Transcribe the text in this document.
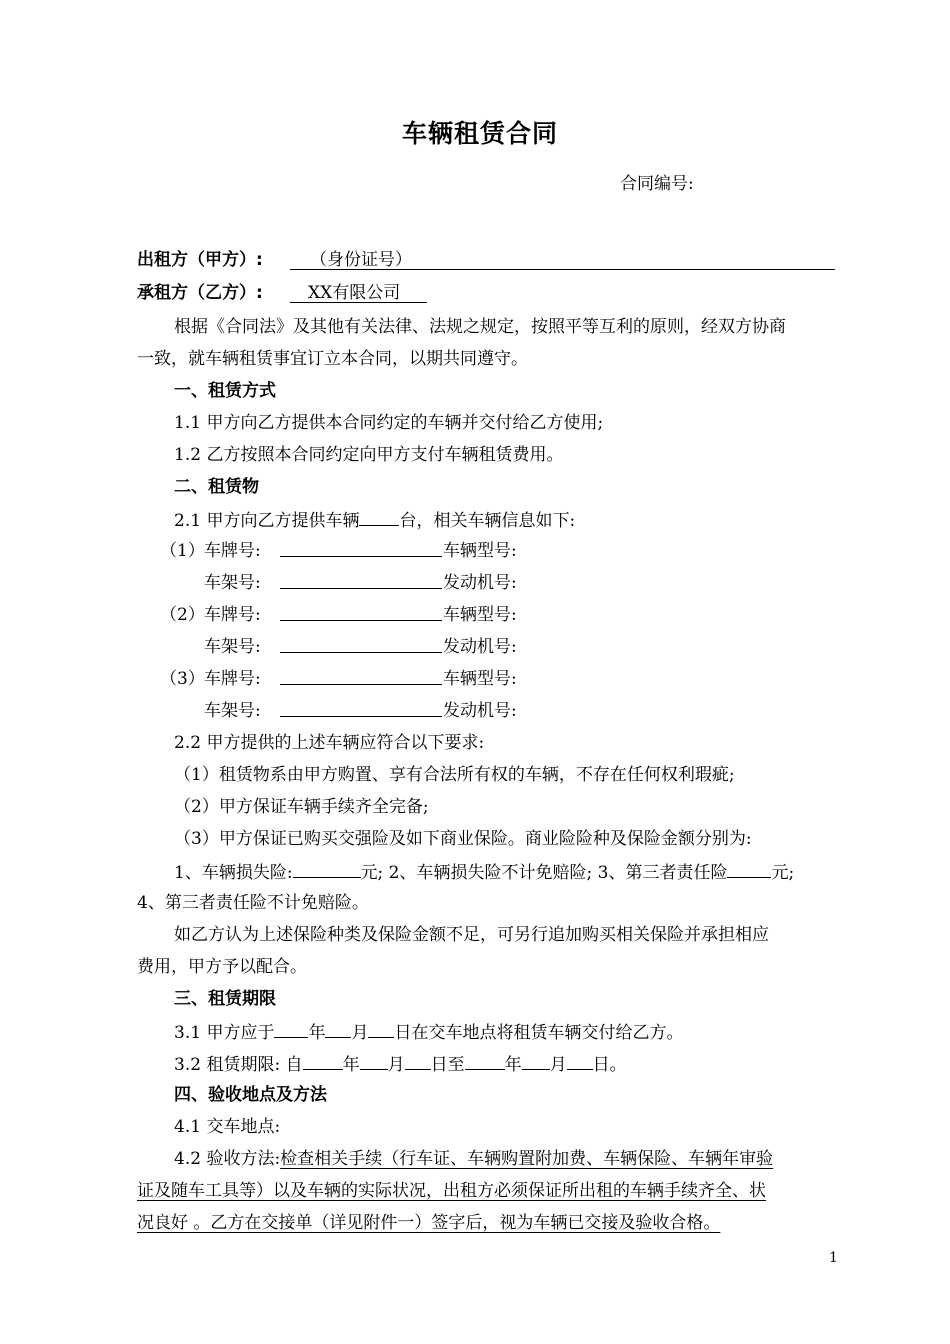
车辆租赁合同
合同编号:
出租方（甲方）:	（身份证号）
承租方（乙方）:	XX有限公司
根据《合同法》及其他有关法律、法规之规定，按照平等互利的原则，经双方协商
一致，就车辆租赁事宜订立本合同，以期共同遵守。
一、租赁方式
1.1 甲方向乙方提供本合同约定的车辆并交付给乙方使用;
1.2 乙方按照本合同约定向甲方支付车辆租赁费用。
二、租赁物
2.1 甲方向乙方提供车辆 台，相关车辆信息如下:
（1） 车牌号:	车辆型号:
车架号:	发动机号:
（2） 车牌号:	车辆型号:
车架号:	发动机号:
（3） 车牌号:	车辆型号:
车架号:	发动机号:
2.2 甲方提供的上述车辆应符合以下要求:
（1）租赁物系由甲方购置、享有合法所有权的车辆，不存在任何权利瑕疵;
（2）甲方保证车辆手续齐全完备;
（3）甲方保证已购买交强险及如下商业保险。商业险险种及保险金额分别为:
1、车辆损失险:	元; 2、车辆损失险不计免赔险; 3、第三者责任险	元;
4、第三者责任险不计免赔险。
如乙方认为上述保险种类及保险金额不足，可另行追加购买相关保险并承担相应
费用，甲方予以配合。
三、租赁期限
3.1 甲方应于 年 月 日在交车地点将租赁车辆交付给乙方。
3.2 租赁期限: 自 年 月 日至 年 月 日。
四、验收地点及方法
4.1 交车地点:
4.2 验收方法:检查相关手续（行车证、车辆购置附加费、车辆保险、车辆年审验
证及随车工具等）以及车辆的实际状况，出租方必须保证所出租的车辆手续齐全、状
况良好 。乙方在交接单（详见附件一）签字后，视为车辆已交接及验收合格。
1
